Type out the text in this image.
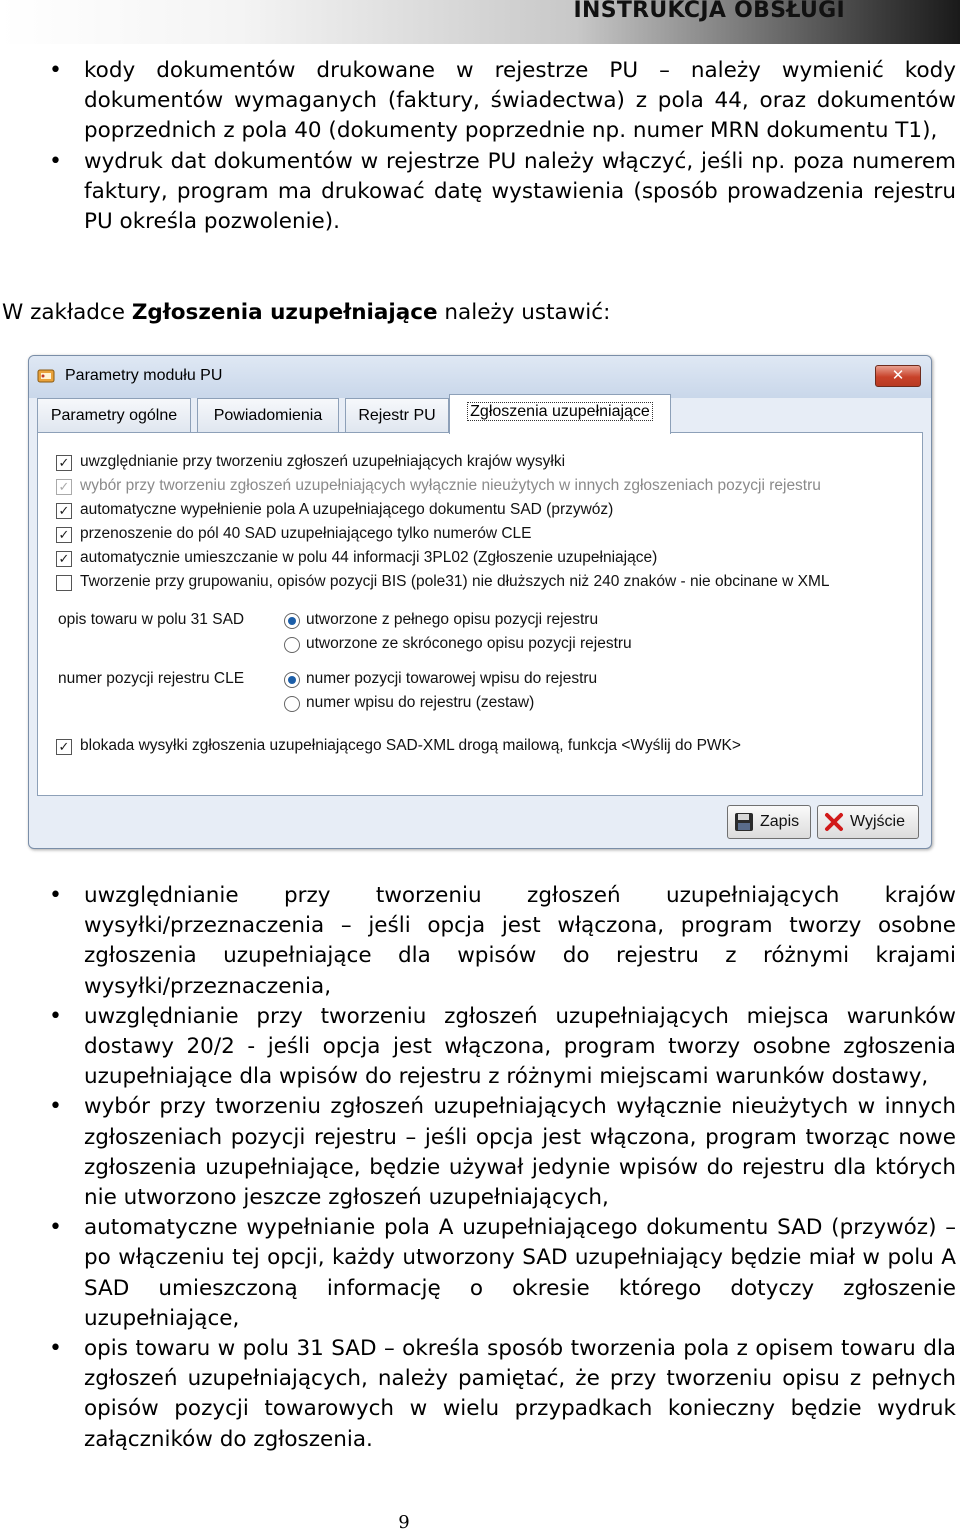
INSTRUKCJA OBSŁUGI
• kody dokumentów drukowane w rejestrze PU – należy wymienić kody dokumentów wymaganych (faktury, świadectwa) z pola 44, oraz dokumentów poprzednich z pola 40 (dokumenty poprzednie np. numer MRN dokumentu T1),
• wydruk dat dokumentów w rejestrze PU należy włączyć, jeśli np. poza numerem faktury, program ma drukować datę wystawienia (sposób prowadzenia rejestru PU określa pozwolenie).
W zakładce Zgłoszenia uzupełniające należy ustawić:
Parametry modułu PU	✕
Parametry ogólne	Powiadomienia	Rejestr PU	Zgłoszenia uzupełniające
✓ uwzględnianie przy tworzeniu zgłoszeń uzupełniających krajów wysyłki
✓ wybór przy tworzeniu zgłoszeń uzupełniających wyłącznie nieużytych w innych zgłoszeniach pozycji rejestru
✓ automatyczne wypełnienie pola A uzupełniającego dokumentu SAD (przywóz)
✓ przenoszenie do pól 40 SAD uzupełniającego tylko numerów CLE
✓ automatycznie umieszczanie w polu 44 informacji 3PL02 (Zgłoszenie uzupełniające)
Tworzenie przy grupowaniu, opisów pozycji BIS (pole31) nie dłuższych niż 240 znaków - nie obcinane w XML
opis towaru w polu 31 SAD	utworzone z pełnego opisu pozycji rejestru
utworzone ze skróconego opisu pozycji rejestru
numer pozycji rejestru CLE	numer pozycji towarowej wpisu do rejestru
numer wpisu do rejestru (zestaw)
✓ blokada wysyłki zgłoszenia uzupełniającego SAD-XML drogą mailową, funkcja <Wyślij do PWK>
Zapis	Wyjście
• uwzględnianie przy tworzeniu zgłoszeń uzupełniających krajów wysyłki/przeznaczenia – jeśli opcja jest włączona, program tworzy osobne zgłoszenia uzupełniające dla wpisów do rejestru z różnymi krajami wysyłki/przeznaczenia,
• uwzględnianie przy tworzeniu zgłoszeń uzupełniających miejsca warunków dostawy 20/2 - jeśli opcja jest włączona, program tworzy osobne zgłoszenia uzupełniające dla wpisów do rejestru z różnymi miejscami warunków dostawy,
• wybór przy tworzeniu zgłoszeń uzupełniających wyłącznie nieużytych w innych zgłoszeniach pozycji rejestru – jeśli opcja jest włączona, program tworząc nowe zgłoszenia uzupełniające, będzie używał jedynie wpisów do rejestru dla których nie utworzono jeszcze zgłoszeń uzupełniających,
• automatyczne wypełnianie pola A uzupełniającego dokumentu SAD (przywóz) – po włączeniu tej opcji, każdy utworzony SAD uzupełniający będzie miał w polu A SAD umieszczoną informację o okresie którego dotyczy zgłoszenie uzupełniające,
• opis towaru w polu 31 SAD – określa sposób tworzenia pola z opisem towaru dla zgłoszeń uzupełniających, należy pamiętać, że przy tworzeniu opisu z pełnych opisów pozycji towarowych w wielu przypadkach konieczny będzie wydruk załączników do zgłoszenia.
9
